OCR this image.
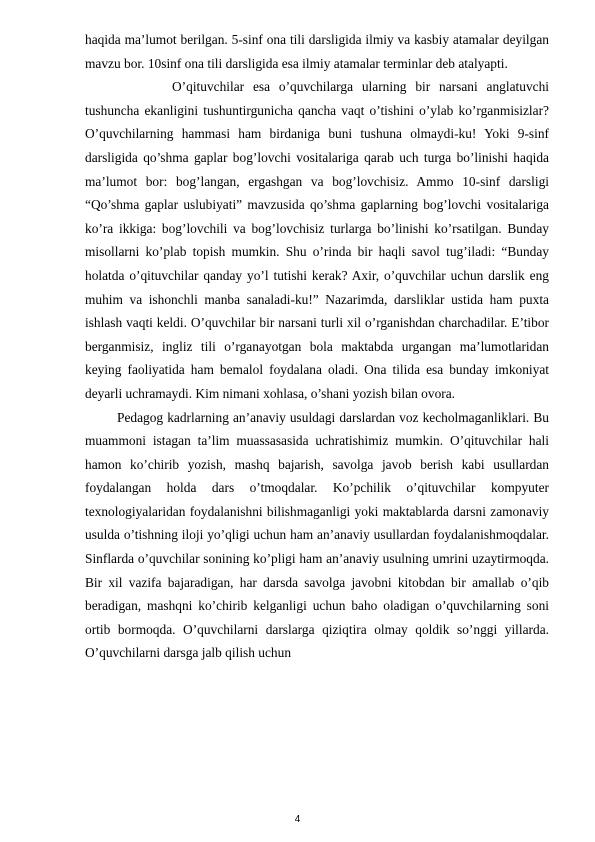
haqida ma’lumot berilgan. 5-sinf ona tili darsligida ilmiy va kasbiy atamalar deyilgan mavzu bor. 10sinf ona tili darsligida esa ilmiy atamalar terminlar deb atalyapti.

O’qituvchilar esa o’quvchilarga ularning bir narsani anglatuvchi tushuncha ekanligini tushuntirgunicha qancha vaqt o’tishini o’ylab ko’rganmisizlar? O’quvchilarning hammasi ham birdaniga buni tushuna olmaydi-ku! Yoki 9-sinf darsligida qo’shma gaplar bog’lovchi vositalariga qarab uch turga bo’linishi haqida ma’lumot bor: bog’langan, ergashgan va bog’lovchisiz. Ammo 10-sinf darsligi “Qo’shma gaplar uslubiyati” mavzusida qo’shma gaplarning bog’lovchi vositalariga ko’ra ikkiga: bog’lovchili va bog’lovchisiz turlarga bo’linishi ko’rsatilgan. Bunday misollarni ko’plab topish mumkin. Shu o’rinda bir haqli savol tug’iladi: “Bunday holatda o’qituvchilar qanday yo’l tutishi kerak? Axir, o’quvchilar uchun darslik eng muhim va ishonchli manba sanaladi-ku!” Nazarimda, darsliklar ustida ham puxta ishlash vaqti keldi. O’quvchilar bir narsani turli xil o’rganishdan charchadilar. E’tibor berganmisiz, ingliz tili o’rganayotgan bola maktabda urgangan ma’lumotlaridan keying faoliyatida ham bemalol foydalana oladi. Ona tilida esa bunday imkoniyat deyarli uchramaydi. Kim nimani xohlasa, o’shani yozish bilan ovora.

Pedagog kadrlarning an’anaviy usuldagi darslardan voz kecholmaganliklari. Bu muammoni istagan ta’lim muassasasida uchratishimiz mumkin. O’qituvchilar hali hamon ko’chirib yozish, mashq bajarish, savolga javob berish kabi usullardan foydalangan holda dars o’tmoqdalar. Ko’pchilik o’qituvchilar kompyuter texnologiyalaridan foydalanishni bilishmaganligi yoki maktablarda darsni zamonaviy usulda o’tishning iloji yo’qligi uchun ham an’anaviy usullardan foydalanishmoqdalar. Sinflarda o’quvchilar sonining ko’pligi ham an’anaviy usulning umrini uzaytirmoqda. Bir xil vazifa bajaradigan, har darsda savolga javobni kitobdan bir amallab o’qib beradigan, mashqni ko’chirib kelganligi uchun baho oladigan o’quvchilarning soni ortib bormoqda. O’quvchilarni darslarga qiziqtira olmay qoldik so’nggi yillarda. O’quvchilarni darsga jalb qilish uchun

4
